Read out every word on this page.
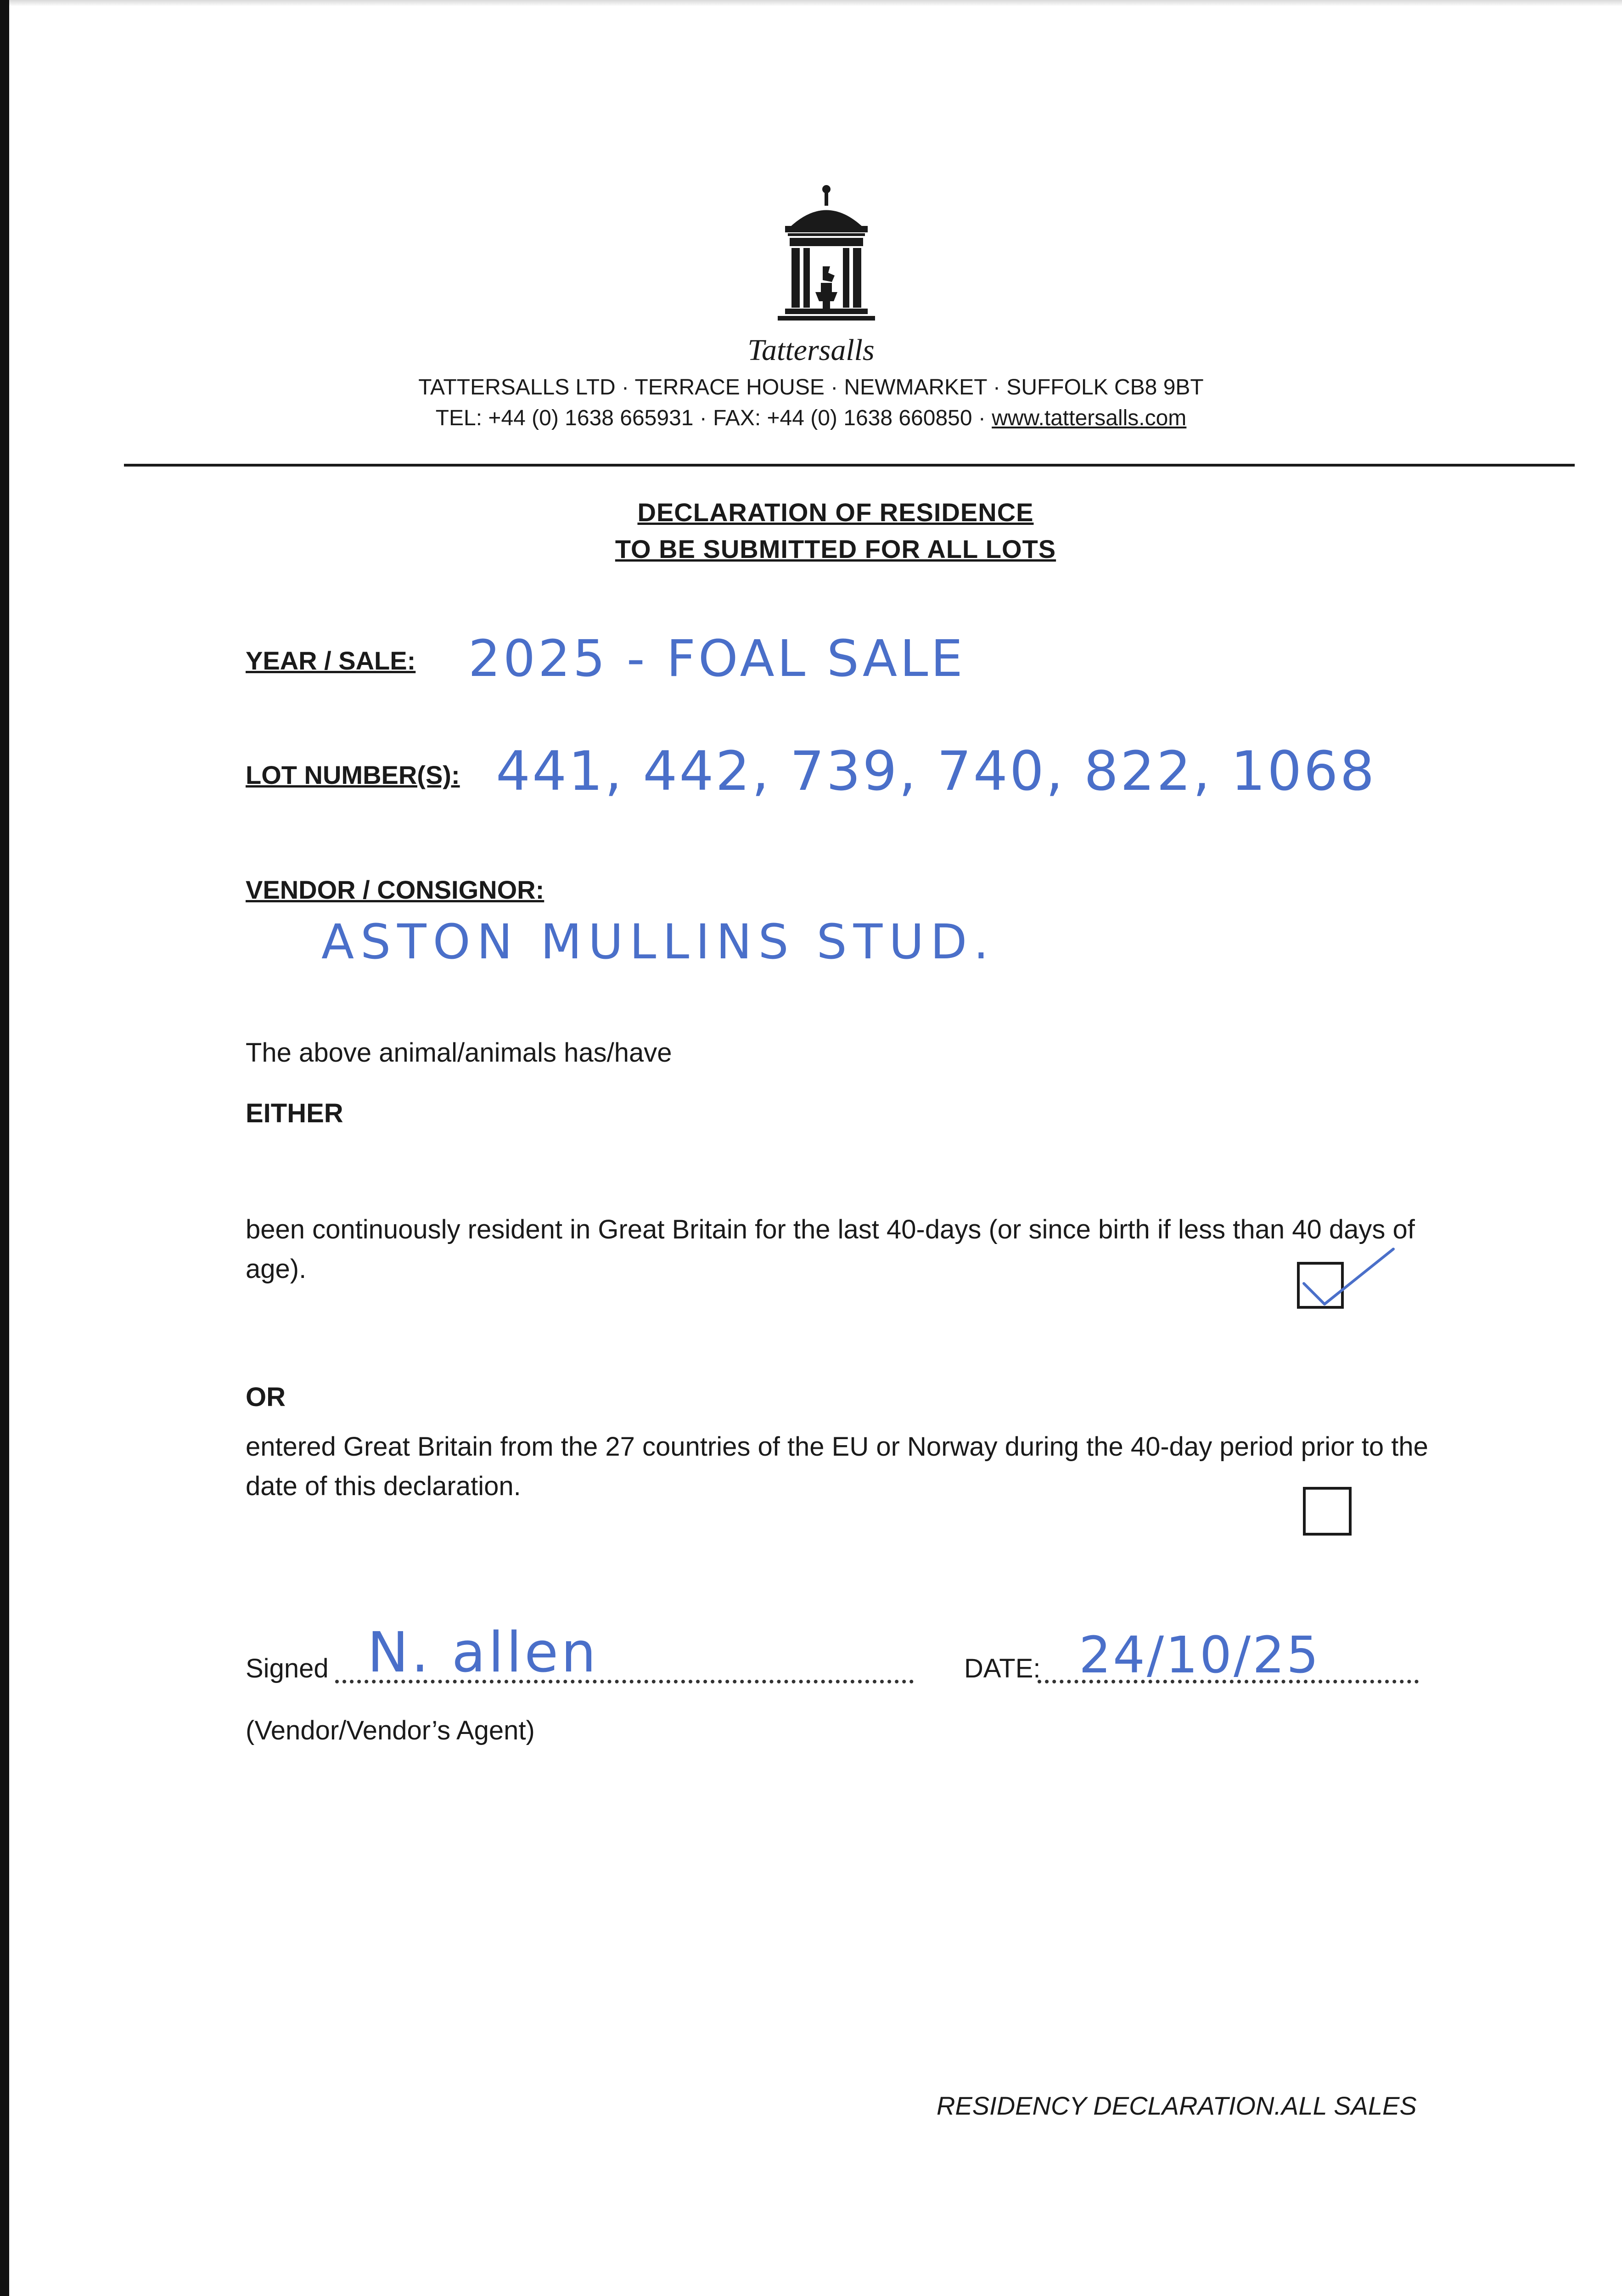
Tattersalls
TATTERSALLS LTD · TERRACE HOUSE · NEWMARKET · SUFFOLK CB8 9BT
TEL: +44 (0) 1638 665931 · FAX: +44 (0) 1638 660850 · www.tattersalls.com
DECLARATION OF RESIDENCE
TO BE SUBMITTED FOR ALL LOTS
YEAR / SALE: 2025 - FOAL SALE
LOT NUMBER(S): 441, 442, 739, 740, 822, 1068
VENDOR / CONSIGNOR:
ASTON MULLINS STUD.
The above animal/animals has/have
EITHER
been continuously resident in Great Britain for the last 40-days (or since birth if less than 40 days of age).
OR
entered Great Britain from the 27 countries of the EU or Norway during the 40-day period prior to the date of this declaration.
Signed N. allen	DATE: 24/10/25
(Vendor/Vendor’s Agent)
RESIDENCY DECLARATION.ALL SALES
